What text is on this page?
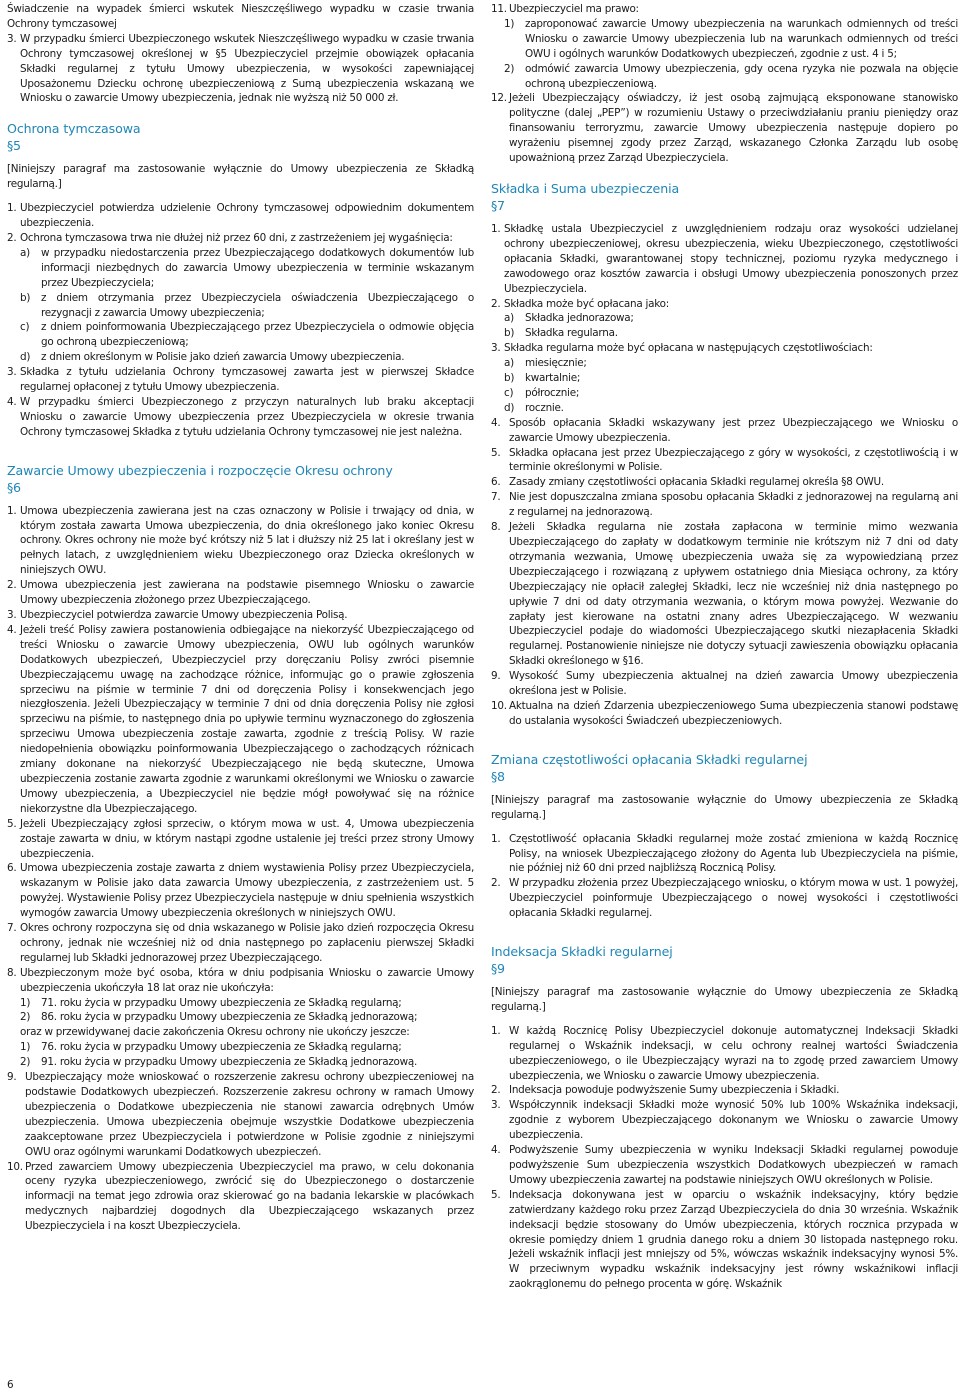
Świadczenie na wypadek śmierci wskutek Nieszczęśliwego wypadku w czasie trwania Ochrony tymczasowej

3. W przypadku śmierci Ubezpieczonego wskutek Nieszczęśliwego wypadku w czasie trwania Ochrony tymczasowej określonej w §5 Ubezpieczyciel przejmie obowiązek opłacania Składki regularnej z tytułu Umowy ubezpieczenia, w wysokości zapewniającej Uposażonemu Dziecku ochronę ubezpieczeniową z Sumą ubezpieczenia wskazaną we Wniosku o zawarcie Umowy ubezpieczenia, jednak nie wyższą niż 50 000 zł.
Ochrona tymczasowa
§5

[Niniejszy paragraf ma zastosowanie wyłącznie do Umowy ubezpieczenia ze Składką regularną.]

1. Ubezpieczyciel potwierdza udzielenie Ochrony tymczasowej odpowiednim dokumentem ubezpieczenia.
2. Ochrona tymczasowa trwa nie dłużej niż przez 60 dni, z zastrzeżeniem jej wygaśnięcia:
a) w przypadku niedostarczenia przez Ubezpieczającego dodatkowych dokumentów lub informacji niezbędnych do zawarcia Umowy ubezpieczenia w terminie wskazanym przez Ubezpieczyciela;
b) z dniem otrzymania przez Ubezpieczyciela oświadczenia Ubezpieczającego o rezygnacji z zawarcia Umowy ubezpieczenia;
c) z dniem poinformowania Ubezpieczającego przez Ubezpieczyciela o odmowie objęcia go ochroną ubezpieczeniową;
d) z dniem określonym w Polisie jako dzień zawarcia Umowy ubezpieczenia.
3. Składka z tytułu udzielania Ochrony tymczasowej zawarta jest w pierwszej Składce regularnej opłaconej z tytułu Umowy ubezpieczenia.
4. W przypadku śmierci Ubezpieczonego z przyczyn naturalnych lub braku akceptacji Wniosku o zawarcie Umowy ubezpieczenia przez Ubezpieczyciela w okresie trwania Ochrony tymczasowej Składka z tytułu udzielania Ochrony tymczasowej nie jest należna.
Zawarcie Umowy ubezpieczenia i rozpoczęcie Okresu ochrony
§6
1. Umowa ubezpieczenia zawierana jest na czas oznaczony w Polisie i trwający od dnia, w którym została zawarta Umowa ubezpieczenia, do dnia określonego jako koniec Okresu ochrony. Okres ochrony nie może być krótszy niż 5 lat i dłuższy niż 25 lat i określany jest w pełnych latach, z uwzględnieniem wieku Ubezpieczonego oraz Dziecka określonych w niniejszych OWU.
2. Umowa ubezpieczenia jest zawierana na podstawie pisemnego Wniosku o zawarcie Umowy ubezpieczenia złożonego przez Ubezpieczającego.
3. Ubezpieczyciel potwierdza zawarcie Umowy ubezpieczenia Polisą.
4. Jeżeli treść Polisy zawiera postanowienia odbiegające na niekorzyść Ubezpieczającego od treści Wniosku o zawarcie Umowy ubezpieczenia, OWU lub ogólnych warunków Dodatkowych ubezpieczeń, Ubezpieczyciel przy doręczaniu Polisy zwróci pisemnie Ubezpieczającemu uwagę na zachodzące różnice, informując go o prawie zgłoszenia sprzeciwu na piśmie w terminie 7 dni od doręczenia Polisy i konsekwencjach jego niezgłoszenia. Jeżeli Ubezpieczający w terminie 7 dni od dnia doręczenia Polisy nie zgłosi sprzeciwu na piśmie, to następnego dnia po upływie terminu wyznaczonego do zgłoszenia sprzeciwu Umowa ubezpieczenia zostaje zawarta, zgodnie z treścią Polisy. W razie niedopełnienia obowiązku poinformowania Ubezpieczającego o zachodzących różnicach zmiany dokonane na niekorzyść Ubezpieczającego nie będą skuteczne, Umowa ubezpieczenia zostanie zawarta zgodnie z warunkami określonymi we Wniosku o zawarcie Umowy ubezpieczenia, a Ubezpieczyciel nie będzie mógł powoływać się na różnice niekorzystne dla Ubezpieczającego.
5. Jeżeli Ubezpieczający zgłosi sprzeciw, o którym mowa w ust. 4, Umowa ubezpieczenia zostaje zawarta w dniu, w którym nastąpi zgodne ustalenie jej treści przez strony Umowy ubezpieczenia.
6. Umowa ubezpieczenia zostaje zawarta z dniem wystawienia Polisy przez Ubezpieczyciela, wskazanym w Polisie jako data zawarcia Umowy ubezpieczenia, z zastrzeżeniem ust. 5 powyżej. Wystawienie Polisy przez Ubezpieczyciela następuje w dniu spełnienia wszystkich wymogów zawarcia Umowy ubezpieczenia określonych w niniejszych OWU.
7. Okres ochrony rozpoczyna się od dnia wskazanego w Polisie jako dzień rozpoczęcia Okresu ochrony, jednak nie wcześniej niż od dnia następnego po zapłaceniu pierwszej Składki regularnej lub Składki jednorazowej przez Ubezpieczającego.
8. Ubezpieczonym może być osoba, która w dniu podpisania Wniosku o zawarcie Umowy ubezpieczenia ukończyła 18 lat oraz nie ukończyła:
1) 71. roku życia w przypadku Umowy ubezpieczenia ze Składką regularną;
2) 86. roku życia w przypadku Umowy ubezpieczenia ze Składką jednorazową;
oraz w przewidywanej dacie zakończenia Okresu ochrony nie ukończy jeszcze:
1) 76. roku życia w przypadku Umowy ubezpieczenia ze Składką regularną;
2) 91. roku życia w przypadku Umowy ubezpieczenia ze Składką jednorazową.
9. Ubezpieczający może wnioskować o rozszerzenie zakresu ochrony ubezpieczeniowej na podstawie Dodatkowych ubezpieczeń. Rozszerzenie zakresu ochrony w ramach Umowy ubezpieczenia o Dodatkowe ubezpieczenia nie stanowi zawarcia odrębnych Umów ubezpieczenia. Umowa ubezpieczenia obejmuje wszystkie Dodatkowe ubezpieczenia zaakceptowane przez Ubezpieczyciela i potwierdzone w Polisie zgodnie z niniejszymi OWU oraz ogólnymi warunkami Dodatkowych ubezpieczeń.
10. Przed zawarciem Umowy ubezpieczenia Ubezpieczyciel ma prawo, w celu dokonania oceny ryzyka ubezpieczeniowego, zwrócić się do Ubezpieczonego o dostarczenie informacji na temat jego zdrowia oraz skierować go na badania lekarskie w placówkach medycznych najbardziej dogodnych dla Ubezpieczającego wskazanych przez Ubezpieczyciela i na koszt Ubezpieczyciela.
11. Ubezpieczyciel ma prawo:
1) zaproponować zawarcie Umowy ubezpieczenia na warunkach odmiennych od treści Wniosku o zawarcie Umowy ubezpieczenia lub na warunkach odmiennych od treści OWU i ogólnych warunków Dodatkowych ubezpieczeń, zgodnie z ust. 4 i 5;
2) odmówić zawarcia Umowy ubezpieczenia, gdy ocena ryzyka nie pozwala na objęcie ochroną ubezpieczeniową.
12. Jeżeli Ubezpieczający oświadczy, iż jest osobą zajmującą eksponowane stanowisko polityczne (dalej „PEP”) w rozumieniu Ustawy o przeciwdziałaniu praniu pieniędzy oraz finansowaniu terroryzmu, zawarcie Umowy ubezpieczenia następuje dopiero po wyrażeniu pisemnej zgody przez Zarząd, wskazanego Członka Zarządu lub osobę upoważnioną przez Zarząd Ubezpieczyciela.
Składka i Suma ubezpieczenia
§7
1. Składkę ustala Ubezpieczyciel z uwzględnieniem rodzaju oraz wysokości udzielanej ochrony ubezpieczeniowej, okresu ubezpieczenia, wieku Ubezpieczonego, częstotliwości opłacania Składki, gwarantowanej stopy technicznej, poziomu ryzyka medycznego i zawodowego oraz kosztów zawarcia i obsługi Umowy ubezpieczenia ponoszonych przez Ubezpieczyciela.
2. Składka może być opłacana jako:
a) Składka jednorazowa;
b) Składka regularna.
3. Składka regularna może być opłacana w następujących częstotliwościach:
a) miesięcznie;
b) kwartalnie;
c) półrocznie;
d) rocznie.
4. Sposób opłacania Składki wskazywany jest przez Ubezpieczającego we Wniosku o zawarcie Umowy ubezpieczenia.
5. Składka opłacana jest przez Ubezpieczającego z góry w wysokości, z częstotliwością i w terminie określonymi w Polisie.
6. Zasady zmiany częstotliwości opłacania Składki regularnej określa §8 OWU.
7. Nie jest dopuszczalna zmiana sposobu opłacania Składki z jednorazowej na regularną ani z regularnej na jednorazową.
8. Jeżeli Składka regularna nie została zapłacona w terminie mimo wezwania Ubezpieczającego do zapłaty w dodatkowym terminie nie krótszym niż 7 dni od daty otrzymania wezwania, Umowę ubezpieczenia uważa się za wypowiedzianą przez Ubezpieczającego i rozwiązaną z upływem ostatniego dnia Miesiąca ochrony, za który Ubezpieczający nie opłacił zaległej Składki, lecz nie wcześniej niż dnia następnego po upływie 7 dni od daty otrzymania wezwania, o którym mowa powyżej. Wezwanie do zapłaty jest kierowane na ostatni znany adres Ubezpieczającego. W wezwaniu Ubezpieczyciel podaje do wiadomości Ubezpieczającego skutki niezapłacenia Składki regularnej. Postanowienie niniejsze nie dotyczy sytuacji zawieszenia obowiązku opłacania Składki określonego w §16.
9. Wysokość Sumy ubezpieczenia aktualnej na dzień zawarcia Umowy ubezpieczenia określona jest w Polisie.
10. Aktualna na dzień Zdarzenia ubezpieczeniowego Suma ubezpieczenia stanowi podstawę do ustalania wysokości Świadczeń ubezpieczeniowych.
Zmiana częstotliwości opłacania Składki regularnej
§8

[Niniejszy paragraf ma zastosowanie wyłącznie do Umowy ubezpieczenia ze Składką regularną.]

1. Częstotliwość opłacania Składki regularnej może zostać zmieniona w każdą Rocznicę Polisy, na wniosek Ubezpieczającego złożony do Agenta lub Ubezpieczyciela na piśmie, nie później niż 60 dni przed najbliższą Rocznicą Polisy.
2. W przypadku złożenia przez Ubezpieczającego wniosku, o którym mowa w ust. 1 powyżej, Ubezpieczyciel poinformuje Ubezpieczającego o nowej wysokości i częstotliwości opłacania Składki regularnej.
Indeksacja Składki regularnej
§9

[Niniejszy paragraf ma zastosowanie wyłącznie do Umowy ubezpieczenia ze Składką regularną.]

1. W każdą Rocznicę Polisy Ubezpieczyciel dokonuje automatycznej Indeksacji Składki regularnej o Wskaźnik indeksacji, w celu ochrony realnej wartości Świadczenia ubezpieczeniowego, o ile Ubezpieczający wyrazi na to zgodę przed zawarciem Umowy ubezpieczenia, we Wniosku o zawarcie Umowy ubezpieczenia.
2. Indeksacja powoduje podwyższenie Sumy ubezpieczenia i Składki.
3. Współczynnik indeksacji Składki może wynosić 50% lub 100% Wskaźnika indeksacji, zgodnie z wyborem Ubezpieczającego dokonanym we Wniosku o zawarcie Umowy ubezpieczenia.
4. Podwyższenie Sumy ubezpieczenia w wyniku Indeksacji Składki regularnej powoduje podwyższenie Sum ubezpieczenia wszystkich Dodatkowych ubezpieczeń w ramach Umowy ubezpieczenia zawartej na podstawie niniejszych OWU określonych w Polisie.
5. Indeksacja dokonywana jest w oparciu o wskaźnik indeksacyjny, który będzie zatwierdzany każdego roku przez Zarząd Ubezpieczyciela do dnia 30 września. Wskaźnik indeksacji będzie stosowany do Umów ubezpieczenia, których rocznica przypada w okresie pomiędzy dniem 1 grudnia danego roku a dniem 30 listopada następnego roku. Jeżeli wskaźnik inflacji jest mniejszy od 5%, wówczas wskaźnik indeksacyjny wynosi 5%. W przeciwnym wypadku wskaźnik indeksacyjny jest równy wskaźnikowi inflacji zaokrąglonemu do pełnego procenta w górę. Wskaźnik
6
